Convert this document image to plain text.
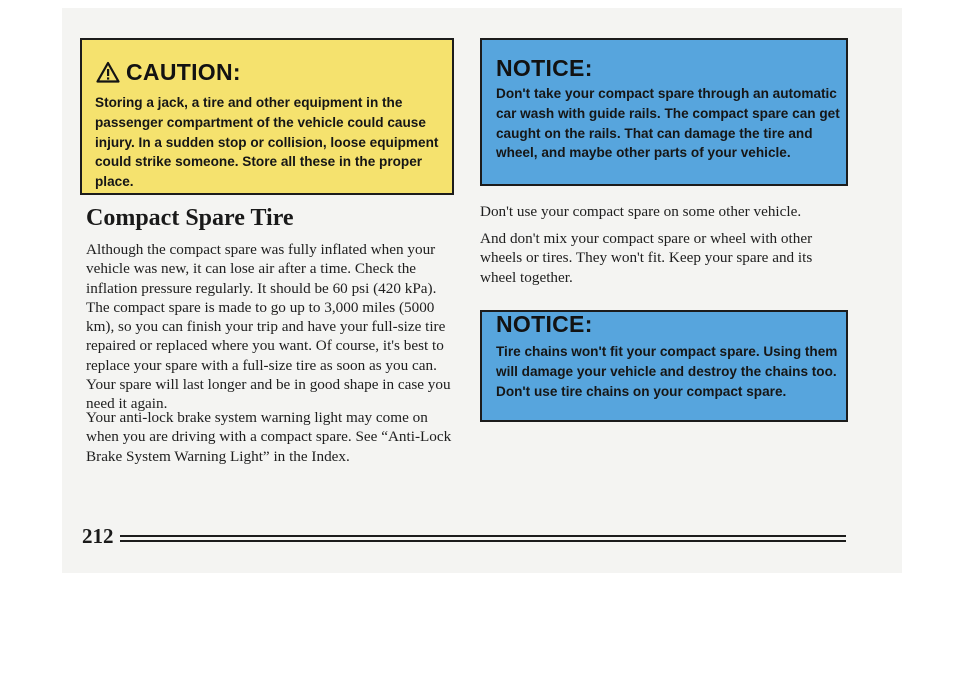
CAUTION:
Storing a jack, a tire and other equipment in the passenger compartment of the vehicle could cause injury. In a sudden stop or collision, loose equipment could strike someone. Store all these in the proper place.
NOTICE:
Don't take your compact spare through an automatic car wash with guide rails. The compact spare can get caught on the rails. That can damage the tire and wheel, and maybe other parts of your vehicle.
Compact Spare Tire

Although the compact spare was fully inflated when your vehicle was new, it can lose air after a time. Check the inflation pressure regularly. It should be 60 psi (420 kPa). The compact spare is made to go up to 3,000 miles (5000 km), so you can finish your trip and have your full-size tire repaired or replaced where you want. Of course, it's best to replace your spare with a full-size tire as soon as you can. Your spare will last longer and be in good shape in case you need it again.

Your anti-lock brake system warning light may come on when you are driving with a compact spare. See “Anti-Lock Brake System Warning Light” in the Index.

Don't use your compact spare on some other vehicle.

And don't mix your compact spare or wheel with other wheels or tires. They won't fit. Keep your spare and its wheel together.

NOTICE:
Tire chains won't fit your compact spare. Using them will damage your vehicle and destroy the chains too. Don't use tire chains on your compact spare.
212
